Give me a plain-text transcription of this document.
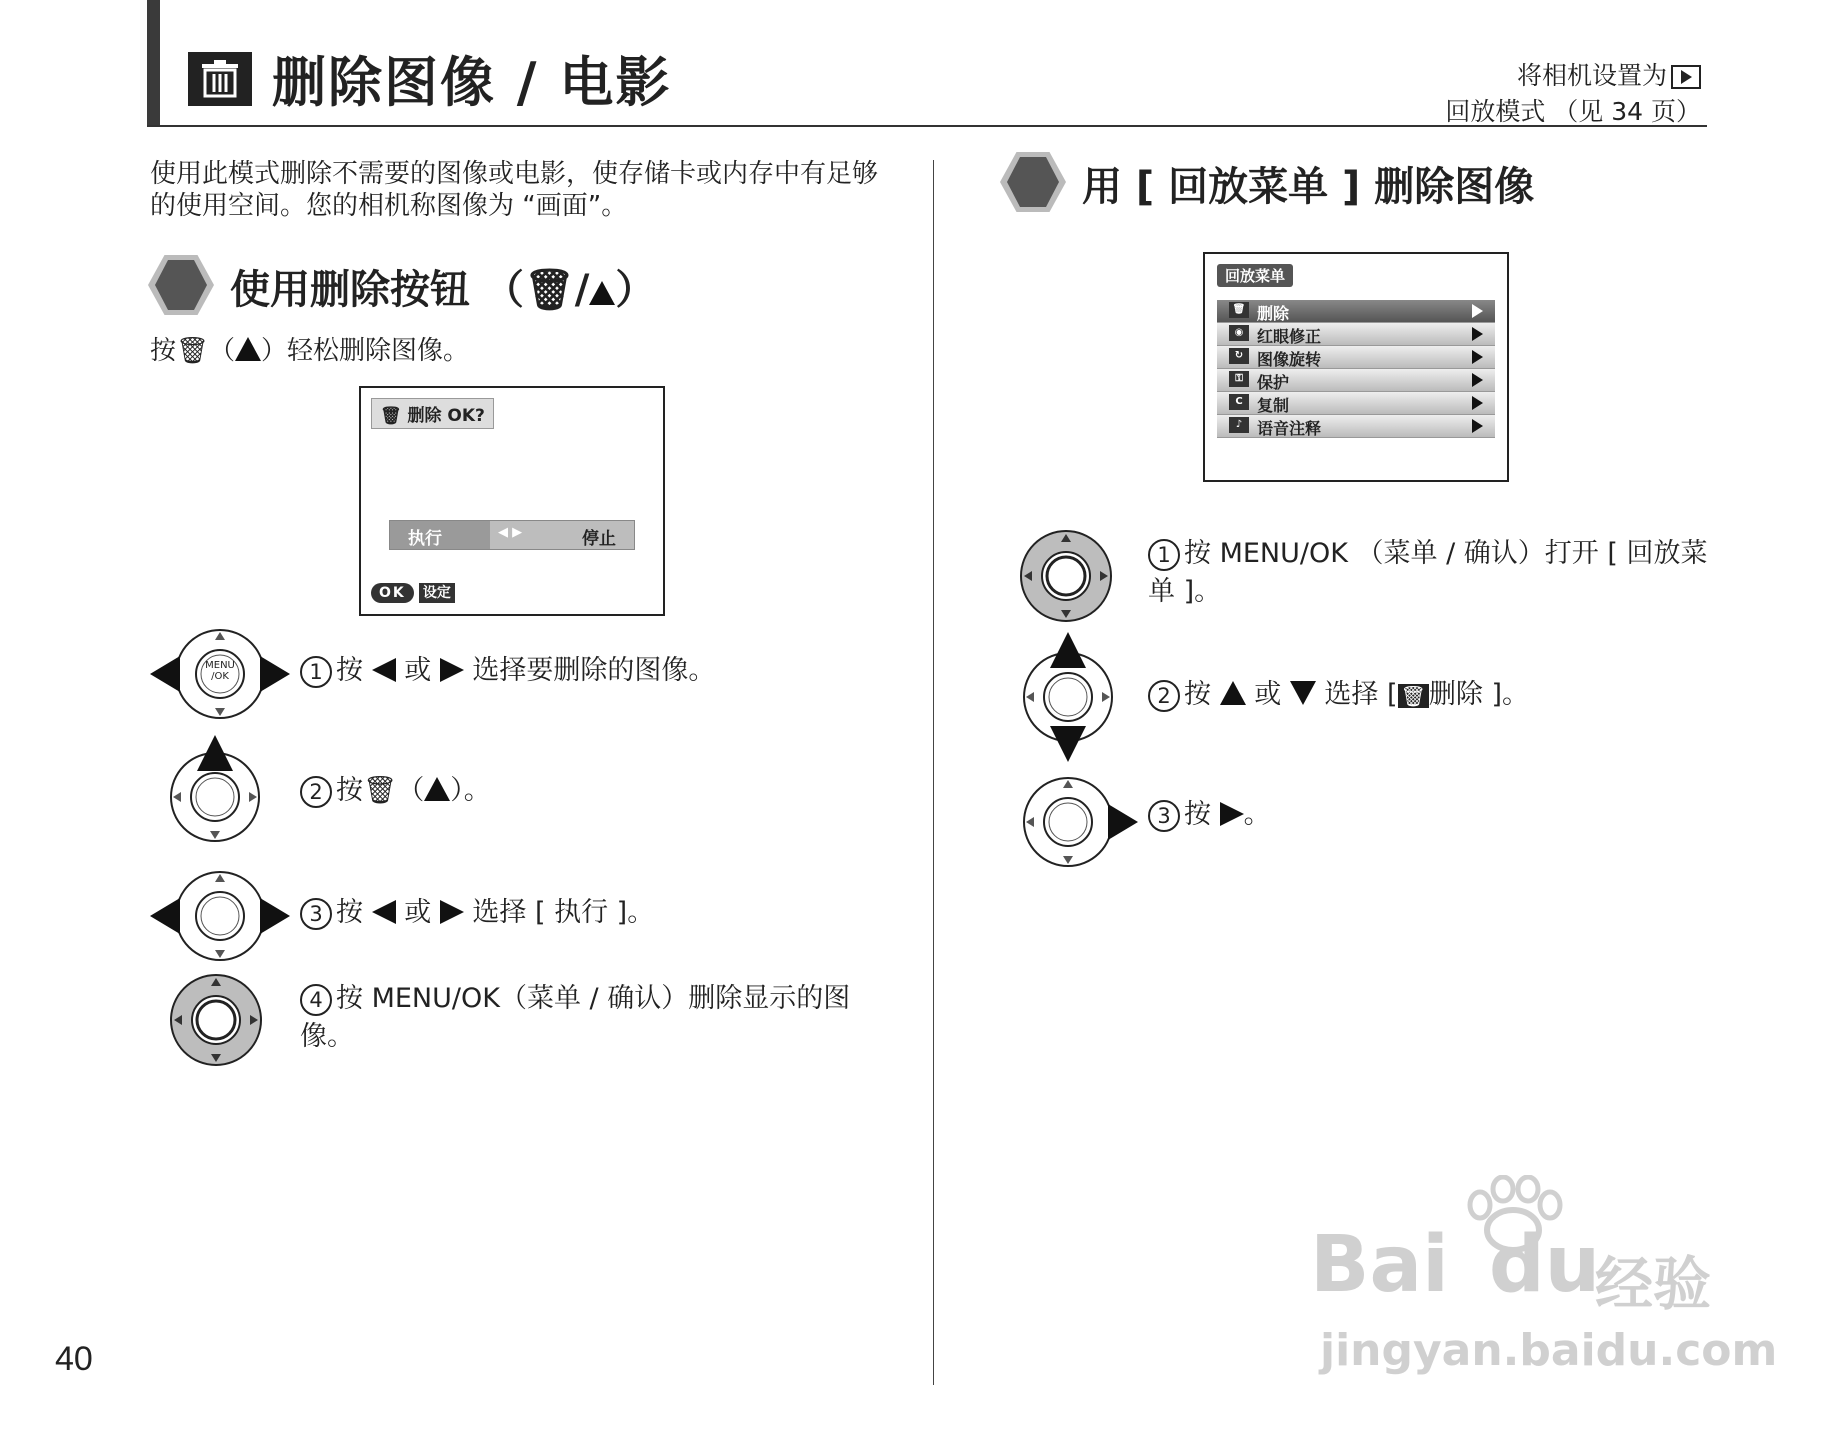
删除图像 / 电影	将相机设置为
回放模式 （见 34 页）
使用此模式删除不需要的图像或电影，使存储卡或内存中有足够的使用空间。您的相机称图像为 “画面”。
使用删除按钮 （🗑/ ）
按🗑（ ）轻松删除图像。
🗑 删除 OK?
执行	◀ ▶	停止
OK 设定
MENU /OK	1 按 或 选择要删除的图像。
2 按🗑（ ）。
3 按 或 选择 [ 执行 ]。
4 按 MENU/OK（菜单 / 确认）删除显示的图像。
用 [ 回放菜单 ] 删除图像
回放菜单
🗑 删除
◉ 红眼修正
↻ 图像旋转
⚿ 保护
C 复制
♪ 语音注释
1 按 MENU/OK （菜单 / 确认）打开 [ 回放菜单 ]。
2 按 或 选择 [ 🗑 删除 ]。
3 按 。
40
Bai du
经验
jingyan.baidu.com
